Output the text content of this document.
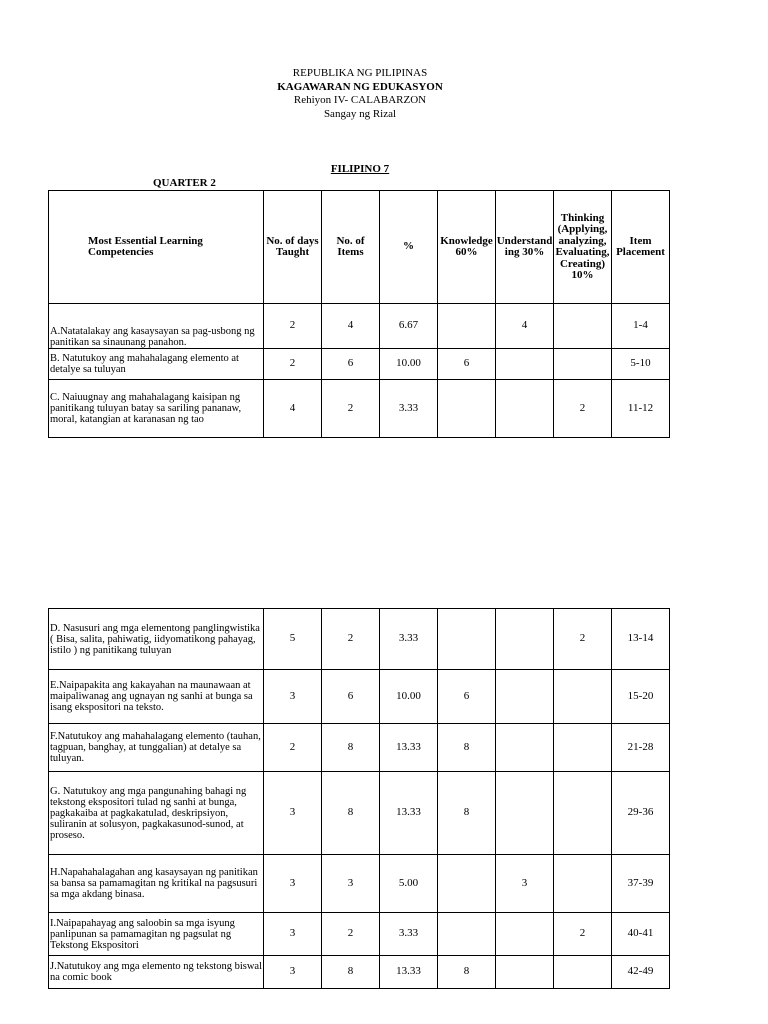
REPUBLIKA NG PILIPINAS
KAGAWARAN NG EDUKASYON
Rehiyon IV- CALABARZON
Sangay ng Rizal
FILIPINO 7
QUARTER 2
Most Essential Learning Competencies	No. of days Taught	No. of Items	%	Knowledge 60%	Understand ing 30%	Thinking (Applying, analyzing, Evaluating, Creating) 10%	Item Placement
A.Natatalakay ang kasaysayan sa pag-usbong ng panitikan sa sinaunang panahon.	2	4	6.67		4		1-4
B. Natutukoy ang mahahalagang elemento at detalye sa tuluyan	2	6	10.00	6			5-10
C. Naiuugnay ang mahahalagang kaisipan ng panitikang tuluyan batay sa sariling pananaw, moral, katangian at karanasan ng tao	4	2	3.33			2	11-12
D. Nasusuri ang mga elementong panglingwistika ( Bisa, salita, pahiwatig, iidyomatikong pahayag, istilo ) ng panitikang tuluyan	5	2	3.33			2	13-14
E.Naipapakita ang kakayahan na maunawaan at maipaliwanag ang ugnayan ng sanhi at bunga sa isang ekspositori na teksto.	3	6	10.00	6			15-20
F.Natutukoy ang mahahalagang elemento (tauhan, tagpuan, banghay, at tunggalian) at detalye sa tuluyan.	2	8	13.33	8			21-28
G. Natutukoy ang mga pangunahing bahagi ng tekstong ekspositori tulad ng sanhi at bunga, pagkakaiba at pagkakatulad, deskripsiyon, suliranin at solusyon, pagkakasunod-sunod, at proseso.	3	8	13.33	8			29-36
H.Napahahalagahan ang kasaysayan ng panitikan sa bansa sa pamamagitan ng kritikal na pagsusuri sa mga akdang binasa.	3	3	5.00		3		37-39
I.Naipapahayag ang saloobin sa mga isyung panlipunan sa pamamagitan ng pagsulat ng Tekstong Ekspositori	3	2	3.33			2	40-41
J.Natutukoy ang mga elemento ng tekstong biswal na comic book	3	8	13.33	8			42-49
